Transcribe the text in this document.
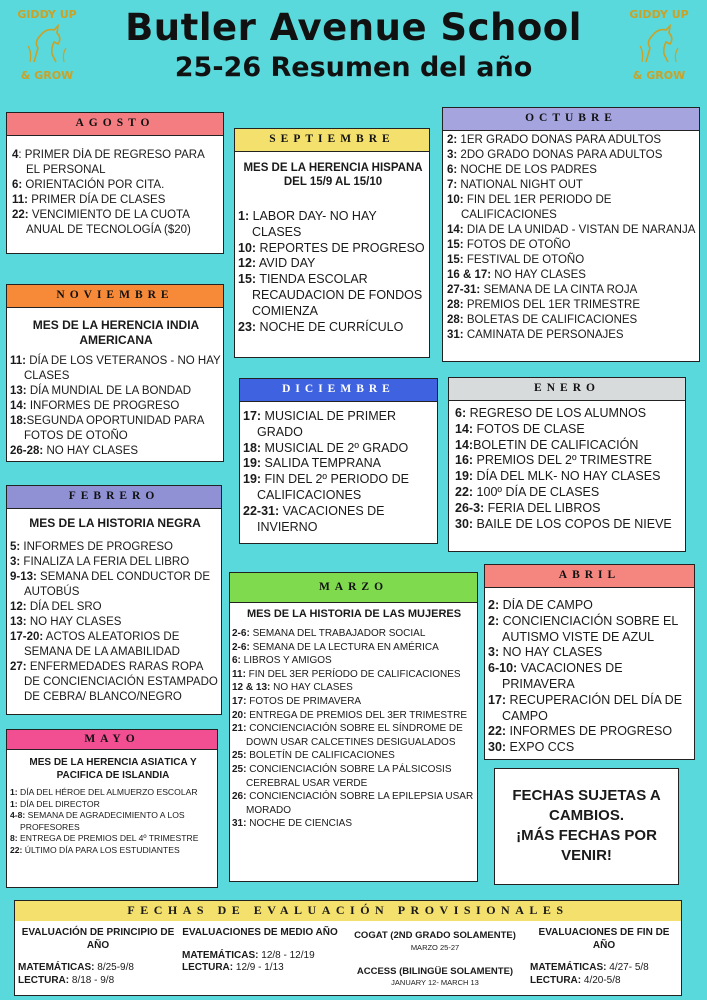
GIDDY UP
& GROW
GIDDY UP
& GROW
Butler Avenue School
25-26 Resumen del año
AGOSTO
4: PRIMER DÍA DE REGRESO PARA EL PERSONAL
6: ORIENTACIÓN POR CITA.
11: PRIMER DÍA DE CLASES
22: VENCIMIENTO DE LA CUOTA ANUAL DE TECNOLOGÍA ($20)
SEPTIEMBRE
MES DE LA HERENCIA HISPANA DEL 15/9 AL 15/10
1: LABOR DAY- NO HAY CLASES
10: REPORTES DE PROGRESO
12: AVID DAY
15: TIENDA ESCOLAR RECAUDACION DE FONDOS COMIENZA
23: NOCHE DE CURRÍCULO
OCTUBRE
2: 1ER GRADO DONAS PARA ADULTOS
3: 2DO GRADO DONAS PARA ADULTOS
6: NOCHE DE LOS PADRES
7: NATIONAL NIGHT OUT
10: FIN DEL 1ER PERIODO DE CALIFICACIONES
14: DIA DE LA UNIDAD - VISTAN DE NARANJA
15: FOTOS DE OTOÑO
15: FESTIVAL DE OTOÑO
16 & 17: NO HAY CLASES
27-31: SEMANA DE LA CINTA ROJA
28: PREMIOS DEL 1ER TRIMESTRE
28: BOLETAS DE CALIFICACIONES
31: CAMINATA DE PERSONAJES
NOVIEMBRE
MES DE LA HERENCIA INDIA AMERICANA
11: DÍA DE LOS VETERANOS - NO HAY CLASES
13: DÍA MUNDIAL DE LA BONDAD
14: INFORMES DE PROGRESO
18:SEGUNDA OPORTUNIDAD PARA FOTOS DE OTOÑO
26-28: NO HAY CLASES
DICIEMBRE
17: MUSICIAL DE PRIMER GRADO
18: MUSICIAL DE 2º GRADO
19: SALIDA TEMPRANA
19: FIN DEL 2º PERIODO DE CALIFICACIONES
22-31: VACACIONES DE INVIERNO
ENERO
6: REGRESO DE LOS ALUMNOS
14: FOTOS DE CLASE
14:BOLETIN DE CALIFICACIÓN
16: PREMIOS DEL 2º TRIMESTRE
19: DÍA DEL MLK- NO HAY CLASES
22: 100º DÍA DE CLASES
26-3: FERIA DEL LIBROS
30: BAILE DE LOS COPOS DE NIEVE
FEBRERO
MES DE LA HISTORIA NEGRA
5: INFORMES DE PROGRESO
3: FINALIZA LA FERIA DEL LIBRO
9-13: SEMANA DEL CONDUCTOR DE AUTOBÚS
12: DÍA DEL SRO
13: NO HAY CLASES
17-20: ACTOS ALEATORIOS DE SEMANA DE LA AMABILIDAD
27: ENFERMEDADES RARAS ROPA DE CONCIENCIACIÓN ESTAMPADO DE CEBRA/ BLANCO/NEGRO
MARZO
MES DE LA HISTORIA DE LAS MUJERES
2-6: SEMANA DEL TRABAJADOR SOCIAL
2-6: SEMANA DE LA LECTURA EN AMÉRICA
6: LIBROS Y AMIGOS
11: FIN DEL 3ER PERÍODO DE CALIFICACIONES
12 & 13: NO HAY CLASES
17: FOTOS DE PRIMAVERA
20: ENTREGA DE PREMIOS DEL 3ER TRIMESTRE
21: CONCIENCIACIÓN SOBRE EL SÍNDROME DE DOWN USAR CALCETINES DESIGUALADOS
25: BOLETÍN DE CALIFICACIONES
25: CONCIENCIACIÓN SOBRE LA PÁLSICOSIS CEREBRAL USAR VERDE
26: CONCIENCIACIÓN SOBRE LA EPILEPSIA USAR MORADO
31: NOCHE DE CIENCIAS
ABRIL
2: DÍA DE CAMPO
2: CONCIENCIACIÓN SOBRE EL AUTISMO VISTE DE AZUL
3: NO HAY CLASES
6-10: VACACIONES DE PRIMAVERA
17: RECUPERACIÓN DEL DÍA DE CAMPO
22: INFORMES DE PROGRESO
30: EXPO CCS
MAYO
MES DE LA HERENCIA ASIÁTICA Y PACIFICA DE ISLANDIA
1: DÍA DEL HÉROE DEL ALMUERZO ESCOLAR
1: DÍA DEL DIRECTOR
4-8: SEMANA DE AGRADECIMIENTO A LOS PROFESORES
8: ENTREGA DE PREMIOS DEL 4º TRIMESTRE
22: ÚLTIMO DÍA PARA LOS ESTUDIANTES
FECHAS SUJETAS A CAMBIOS.
¡MÁS FECHAS POR VENIR!
FECHAS DE EVALUACIÓN PROVISIONALES
EVALUACIÓN DE PRINCIPIO DE AÑO
MATEMÁTICAS: 8/25-9/8
LECTURA: 8/18 - 9/8
EVALUACIONES DE MEDIO AÑO
MATEMÁTICAS: 12/8 - 12/19
LECTURA: 12/9 - 1/13
COGAT (2ND GRADO SOLAMENTE)
MARZO 25-27
ACCESS (BILINGÜE SOLAMENTE)
JANUARY 12- MARCH 13
EVALUACIONES DE FIN DE AÑO
MATEMÁTICAS: 4/27- 5/8
LECTURA: 4/20-5/8
